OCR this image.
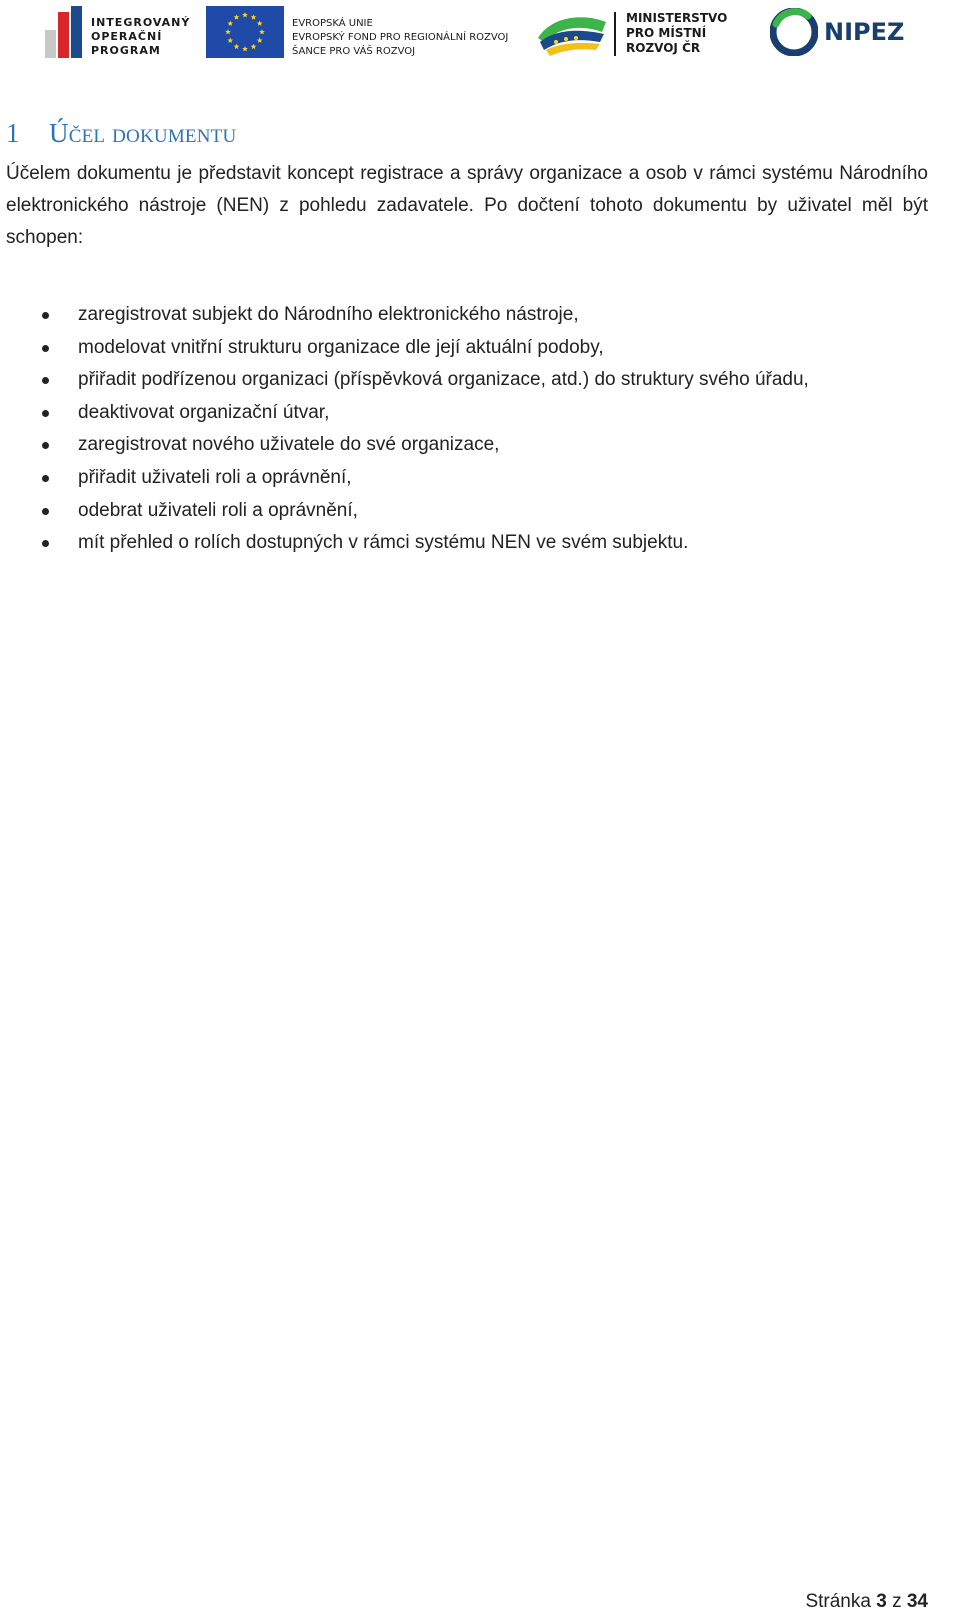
INTEGROVANÝ
OPERAČNÍ
PROGRAM
EVROPSKÁ UNIE
EVROPSKÝ FOND PRO REGIONÁLNÍ ROZVOJ
ŠANCE PRO VÁŠ ROZVOJ
MINISTERSTVO
PRO MÍSTNÍ
ROZVOJ ČR
NIPEZ
1	Účel dokumentu

Účelem dokumentu je představit koncept registrace a správy organizace a osob v rámci systému Národního elektronického nástroje (NEN) z pohledu zadavatele. Po dočtení tohoto dokumentu by uživatel měl být schopen:

zaregistrovat subjekt do Národního elektronického nástroje,
modelovat vnitřní strukturu organizace dle její aktuální podoby,
přiřadit podřízenou organizaci (příspěvková organizace, atd.) do struktury svého úřadu,
deaktivovat organizační útvar,
zaregistrovat nového uživatele do své organizace,
přiřadit uživateli roli a oprávnění,
odebrat uživateli roli a oprávnění,
mít přehled o rolích dostupných v rámci systému NEN ve svém subjektu.
Stránka 3 z 34
